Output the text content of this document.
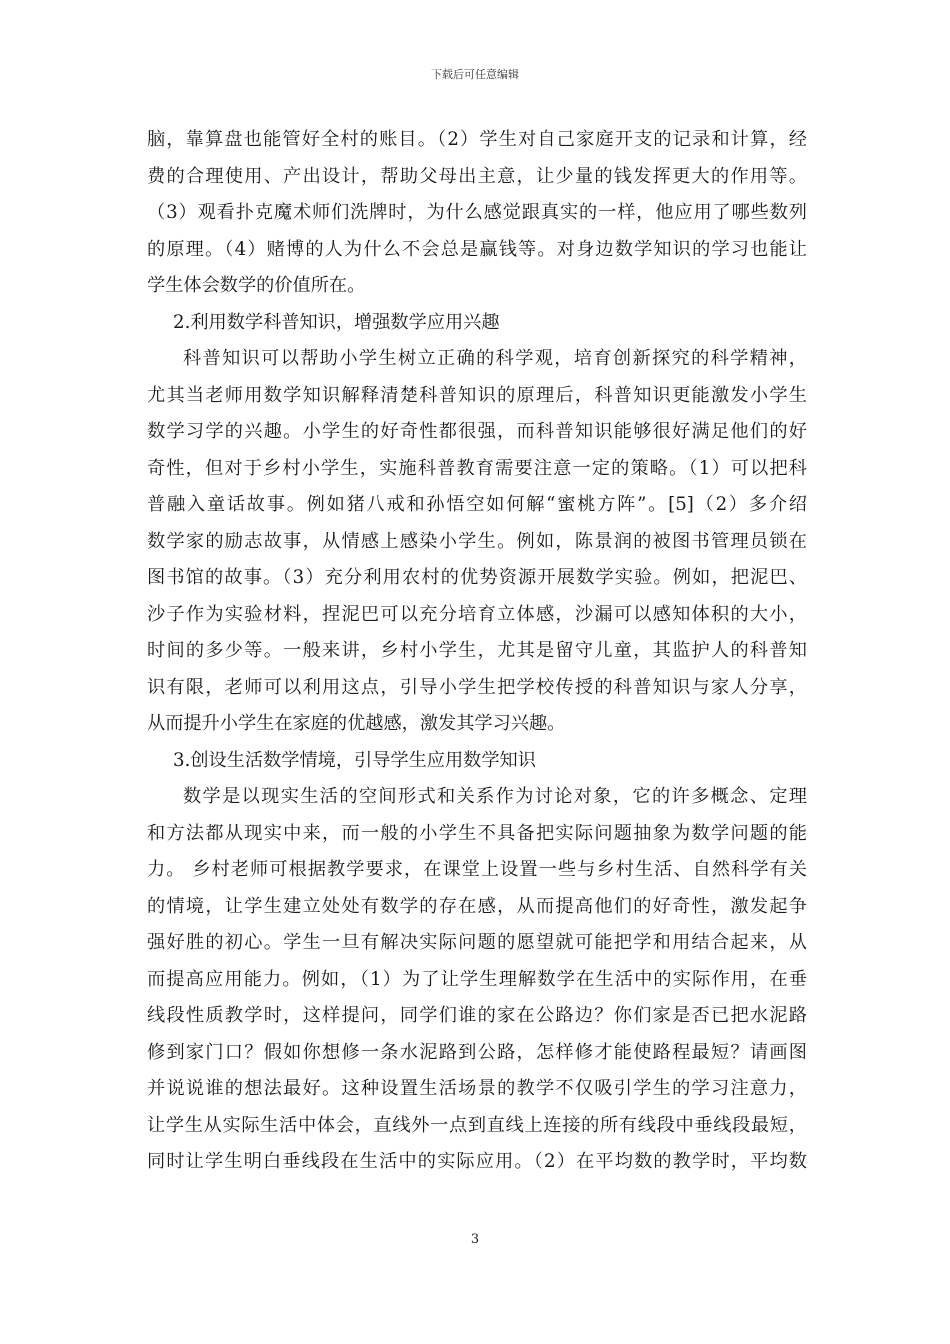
下载后可任意编辑
脑，靠算盘也能管好全村的账目。（2）学生对自己家庭开支的记录和计算，经
费的合理使用、产出设计，帮助父母出主意，让少量的钱发挥更大的作用等。
（3）观看扑克魔术师们洗牌时，为什么感觉跟真实的一样，他应用了哪些数列
的原理。（4）赌博的人为什么不会总是赢钱等。对身边数学知识的学习也能让
学生体会数学的价值所在。
2.利用数学科普知识，增强数学应用兴趣
科普知识可以帮助小学生树立正确的科学观，培育创新探究的科学精神，
尤其当老师用数学知识解释清楚科普知识的原理后，科普知识更能激发小学生
数学习学的兴趣。小学生的好奇性都很强，而科普知识能够很好满足他们的好
奇性，但对于乡村小学生，实施科普教育需要注意一定的策略。（1）可以把科
普融入童话故事。例如猪八戒和孙悟空如何解“蜜桃方阵”。[5]（2）多介绍
数学家的励志故事，从情感上感染小学生。例如，陈景润的被图书管理员锁在
图书馆的故事。（3）充分利用农村的优势资源开展数学实验。例如，把泥巴、
沙子作为实验材料，捏泥巴可以充分培育立体感，沙漏可以感知体积的大小，
时间的多少等。一般来讲，乡村小学生，尤其是留守儿童，其监护人的科普知
识有限，老师可以利用这点，引导小学生把学校传授的科普知识与家人分享，
从而提升小学生在家庭的优越感，激发其学习兴趣。
3.创设生活数学情境，引导学生应用数学知识
数学是以现实生活的空间形式和关系作为讨论对象，它的许多概念、定理
和方法都从现实中来，而一般的小学生不具备把实际问题抽象为数学问题的能
力。 乡村老师可根据教学要求，在课堂上设置一些与乡村生活、自然科学有关
的情境，让学生建立处处有数学的存在感，从而提高他们的好奇性，激发起争
强好胜的初心。学生一旦有解决实际问题的愿望就可能把学和用结合起来，从
而提高应用能力。例如，（1）为了让学生理解数学在生活中的实际作用，在垂
线段性质教学时，这样提问，同学们谁的家在公路边？你们家是否已把水泥路
修到家门口？假如你想修一条水泥路到公路，怎样修才能使路程最短？请画图
并说说谁的想法最好。这种设置生活场景的教学不仅吸引学生的学习注意力，
让学生从实际生活中体会，直线外一点到直线上连接的所有线段中垂线段最短，
同时让学生明白垂线段在生活中的实际应用。（2）在平均数的教学时，平均数
3
